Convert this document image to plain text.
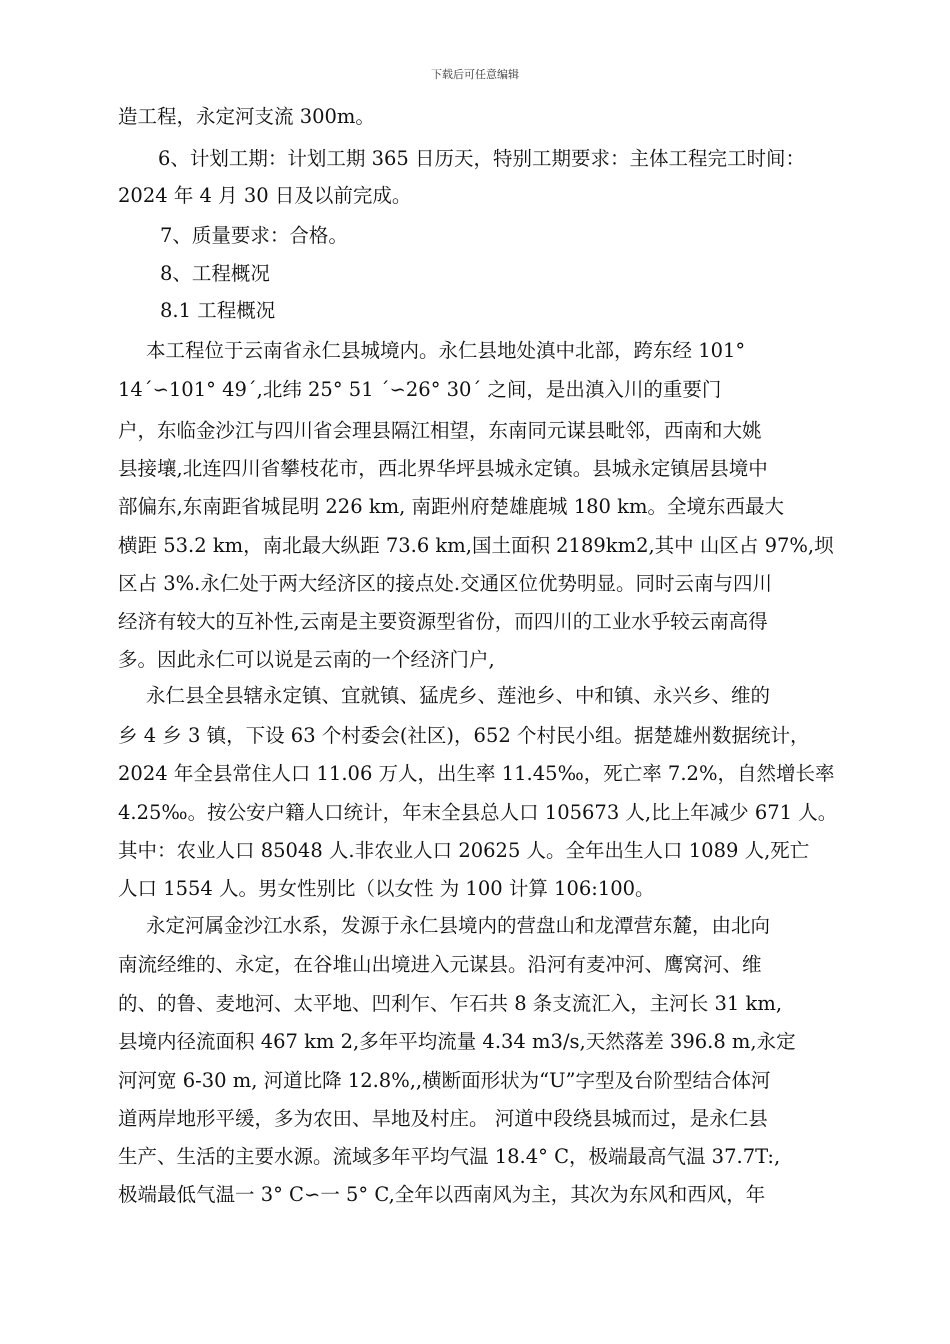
下载后可任意编辑
造工程，永定河支流 300m。
6、计划工期：计划工期 365 日历天，特别工期要求：主体工程完工时间：
2024 年 4 月 30 日及以前完成。
7、质量要求：合格。
8、工程概况
8.1 工程概况
本工程位于云南省永仁县城境内。永仁县地处滇中北部，跨东经 101°
14´∽101° 49´,北纬 25° 51 ´∽26° 30´ 之间，是出滇入川的重要门
户，东临金沙江与四川省会理县隔江相望，东南同元谋县毗邻，西南和大姚
县接壤,北连四川省攀枝花市，西北界华坪县城永定镇。县城永定镇居县境中
部偏东,东南距省城昆明 226 km, 南距州府楚雄鹿城 180 km。全境东西最大
横距 53.2 km，南北最大纵距 73.6 km,国土面积 2189km2,其中 山区占 97%,坝
区占 3%.永仁处于两大经济区的接点处.交通区位优势明显。同时云南与四川
经济有较大的互补性,云南是主要资源型省份，而四川的工业水乎较云南高得
多。因此永仁可以说是云南的一个经济门户,
永仁县全县辖永定镇、宜就镇、猛虎乡、莲池乡、中和镇、永兴乡、维的
乡 4 乡 3 镇，下设 63 个村委会(社区)，652 个村民小组。据楚雄州数据统计，
2024 年全县常住人口 11.06 万人，出生率 11.45‰，死亡率 7.2%，自然增长率
4.25‰。按公安户籍人口统计，年末全县总人口 105673 人,比上年减少 671 人。
其中：农业人口 85048 人.非农业人口 20625 人。全年出生人口 1089 人,死亡
人口 1554 人。男女性别比（以女性 为 100 计算 106:100。
永定河属金沙江水系，发源于永仁县境内的营盘山和龙潭营东麓，由北向
南流经维的、永定，在谷堆山出境进入元谋县。沿河有麦冲河、鹰窝河、维
的、的鲁、麦地河、太平地、凹利乍、乍石共 8 条支流汇入，主河长 31 km,
县境内径流面积 467 km 2,多年平均流量 4.34 m3/s,天然落差 396.8 m,永定
河河宽 6-30 m, 河道比降 12.8%,,横断面形状为“U”字型及台阶型结合体河
道两岸地形平缓，多为农田、旱地及村庄。 河道中段绕县城而过，是永仁县
生产、生活的主要水源。流域多年平均气温 18.4° C，极端最高气温 37.7T:,
极端最低气温一 3° C∽一 5° C,全年以西南风为主，其次为东风和西风，年
